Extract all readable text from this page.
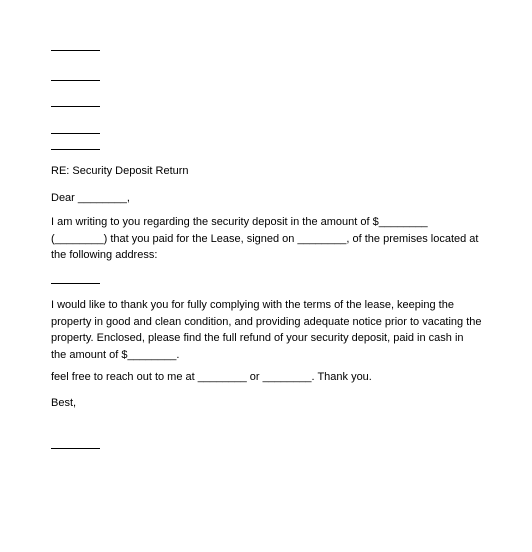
RE: Security Deposit Return

Dear ________,

I am writing to you regarding the security deposit in the amount of $________
(________) that you paid for the Lease, signed on ________, of the premises located at
the following address:

I would like to thank you for fully complying with the terms of the lease, keeping the
property in good and clean condition, and providing adequate notice prior to vacating the
property. Enclosed, please find the full refund of your security deposit, paid in cash in
the amount of $________.

feel free to reach out to me at ________ or ________. Thank you.

Best,
